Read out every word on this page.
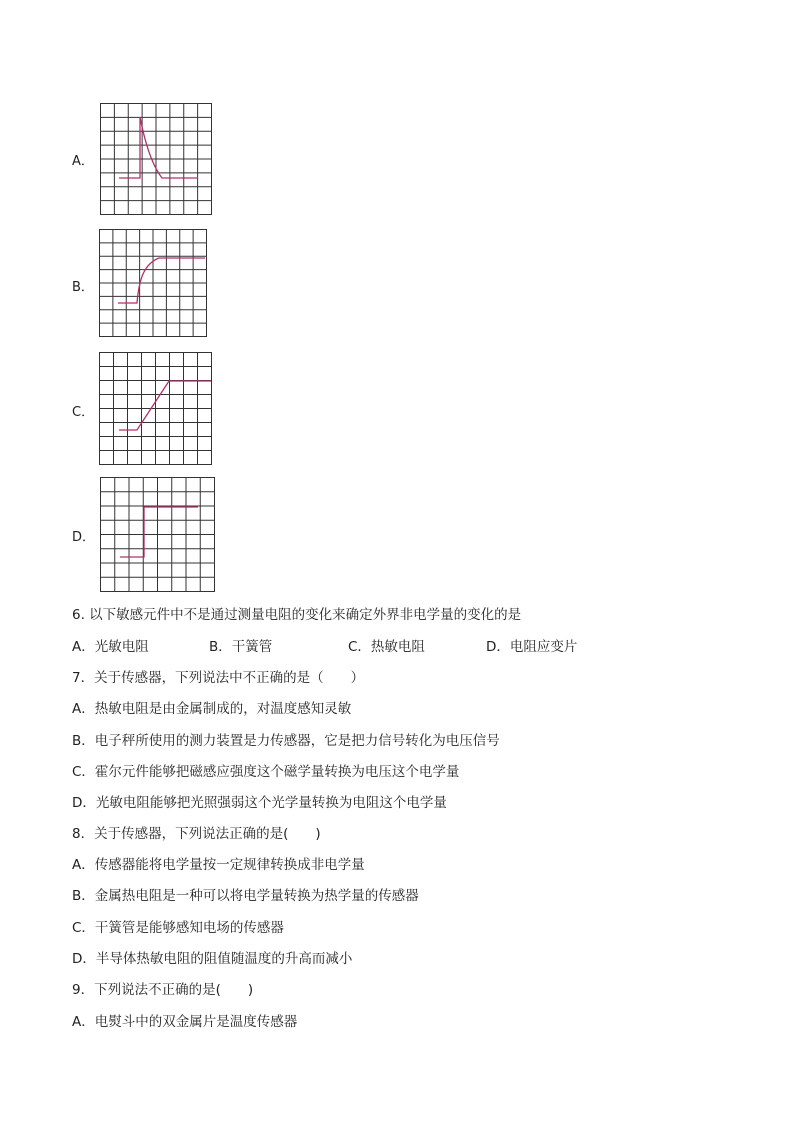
A．
B．
C．
D．
6. 以下敏感元件中不是通过测量电阻的变化来确定外界非电学量的变化的是
A．光敏电阻	B．干簧管	C．热敏电阻	D．电阻应变片
7．关于传感器，下列说法中不正确的是（　　）
A．热敏电阻是由金属制成的，对温度感知灵敏
B．电子秤所使用的测力装置是力传感器，它是把力信号转化为电压信号
C．霍尔元件能够把磁感应强度这个磁学量转换为电压这个电学量
D．光敏电阻能够把光照强弱这个光学量转换为电阻这个电学量
8．关于传感器，下列说法正确的是(　　)
A．传感器能将电学量按一定规律转换成非电学量
B．金属热电阻是一种可以将电学量转换为热学量的传感器
C．干簧管是能够感知电场的传感器
D．半导体热敏电阻的阻值随温度的升高而减小
9．下列说法不正确的是(　　)
A．电熨斗中的双金属片是温度传感器
